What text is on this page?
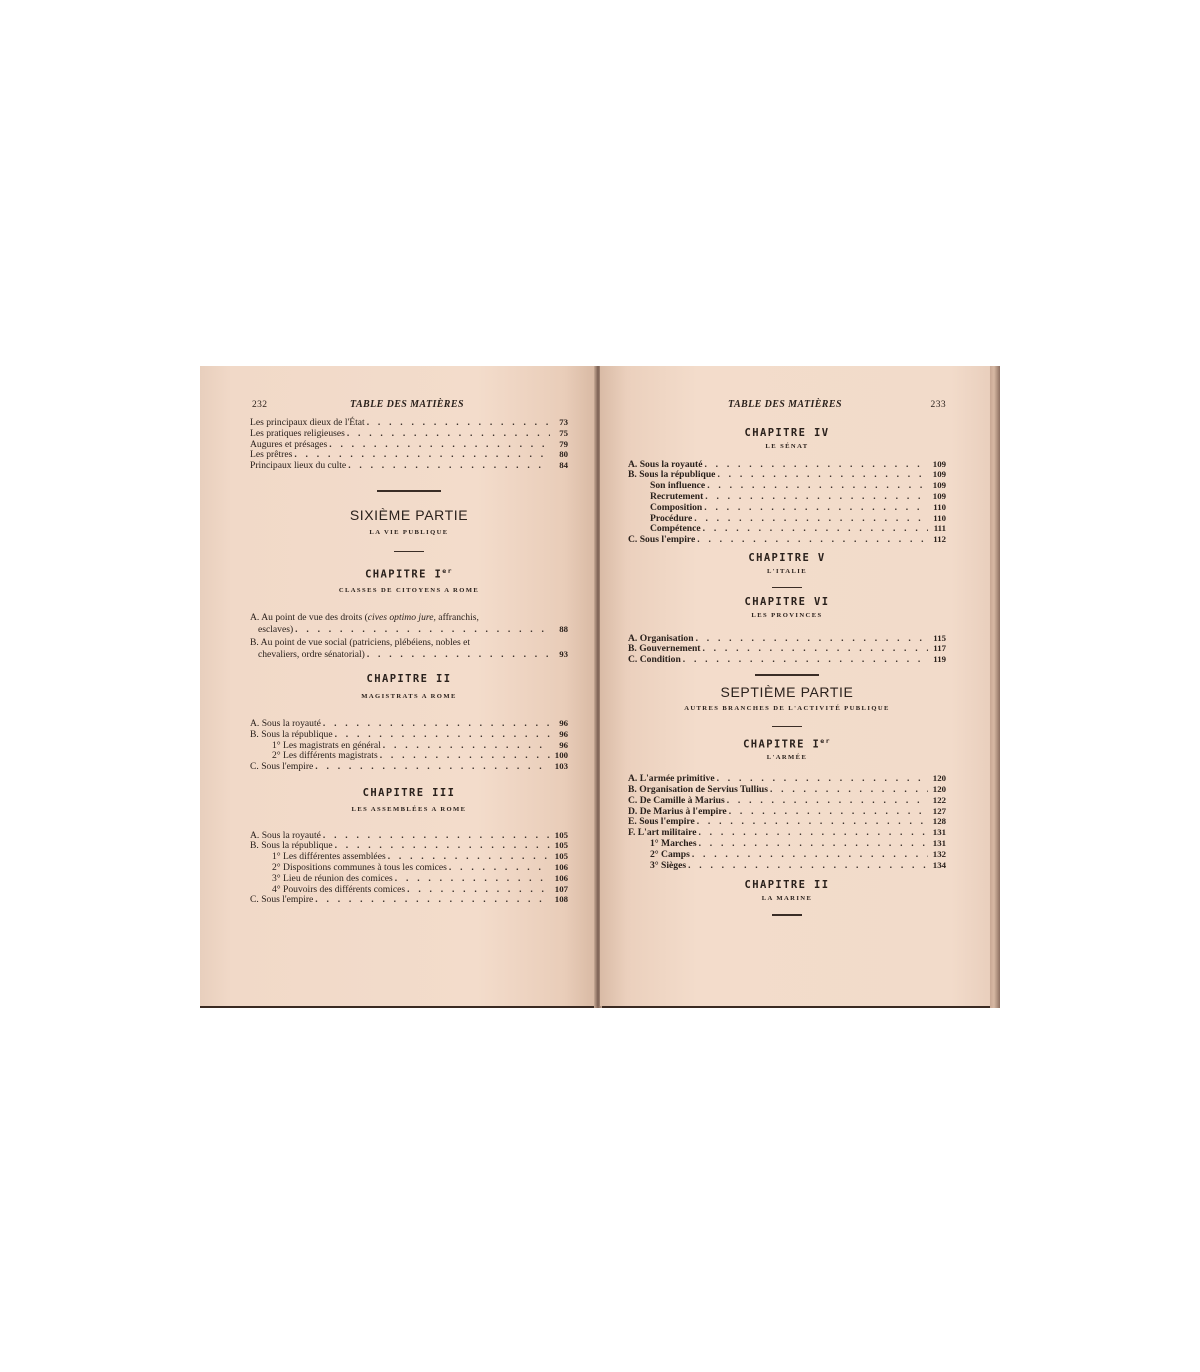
232	TABLE DES MATIÈRES
Les principaux dieux de l'État . . .	73
Les pratiques religieuses . . .	75
Augures et présages . . .	79
Les prêtres . . .	80
Principaux lieux du culte . . .	84
SIXIÈME PARTIE
LA VIE PUBLIQUE
CHAPITRE Ier
CLASSES DE CITOYENS A ROME
A. Au point de vue des droits (cives optimo jure, affranchis,
esclaves) . . .	88
B. Au point de vue social (patriciens, plébéiens, nobles et
chevaliers, ordre sénatorial) . . .	93
CHAPITRE II
MAGISTRATS A ROME
A. Sous la royauté . . .	96
B. Sous la république . . .	96
1° Les magistrats en général . . .	96
2° Les différents magistrats . . .	100
C. Sous l'empire . . .	103
CHAPITRE III
LES ASSEMBLÉES A ROME
A. Sous la royauté . . .	105
B. Sous la république . . .	105
1° Les différentes assemblées . . .	105
2° Dispositions communes à tous les comices . . .	106
3° Lieu de réunion des comices . . .	106
4° Pouvoirs des différents comices . . .	107
C. Sous l'empire . . .	108
TABLE DES MATIÈRES	233
CHAPITRE IV
LE SÉNAT
A. Sous la royauté . . .	109
B. Sous la république . . .	109
Son influence . . .	109
Recrutement . . .	109
Composition . . .	110
Procédure . . .	110
Compétence . . .	111
C. Sous l'empire . . .	112
CHAPITRE V
L'ITALIE
CHAPITRE VI
LES PROVINCES
A. Organisation . . .	115
B. Gouvernement . . .	117
C. Condition . . .	119
SEPTIÈME PARTIE
AUTRES BRANCHES DE L'ACTIVITÉ PUBLIQUE
CHAPITRE Ier
L'ARMÉE
A. L'armée primitive . . .	120
B. Organisation de Servius Tullius . . .	120
C. De Camille à Marius . . .	122
D. De Marius à l'empire . . .	127
E. Sous l'empire . . .	128
F. L'art militaire . . .	131
1° Marches . . .	131
2° Camps . . .	132
3° Sièges . . .	134
CHAPITRE II
LA MARINE
